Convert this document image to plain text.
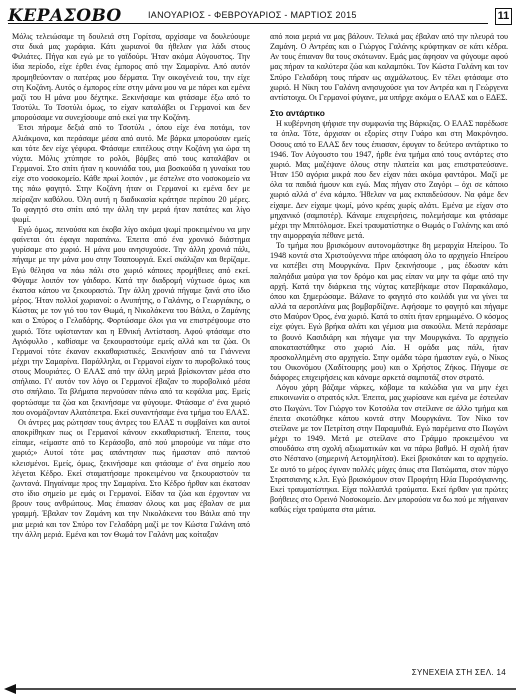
ΚΕΡΑΣΟΒΟ	ΙΑΝΟΥΑΡΙΟΣ - ΦΕΒΡΟΥΑΡΙΟΣ - ΜΑΡΤΙΟΣ 2015	11

Μόλις τελειώσαμε τη δουλειά στη Γορίτσα, αρχίσαμε να δουλεύουμε στα δικά μας χωράφια. Κάτι χωριανοί θα ήθελαν για λάδι στους Φιλιάτες. Πήγα και εγώ με το γαϊδούρι. Ήταν ακόμα Αύγουστος. Την ίδια περίοδο, είχε έρθει ένας έμπορος από την Σαμαρίνα. Από αυτόν προμηθεύονταν ο πατέρας μου δέρματα. Την οικογένειά του, την είχε στη Κοζάνη. Αυτός ο έμπορος είπε στην μάνα μου να με πάρει και εμένα μαζί του Η μάνα μου δέχτηκε. Ξεκινήσαμε και φτάσαμε έξω από το Τσοτύλι. Το Τσοτύλι όμως, το είχαν καταλάβει οι Γερμανοί και δεν μπορούσαμε να συνεχίσουμε από εκεί για την Κοζάνη.

Έτσι πήραμε δεξιά από το Τσοτύλι , όπου είχε ένα ποτάμι, τον Αλιάκμονα, και περάσαμε μέσα από αυτό. Με βάρκα μπορούσαν εμείς και τότε δεν είχε γέφυρα. Φτάσαμε επιτέλους στην Κοζάνη για ώρα τη νύχτα. Μόλις χτύπησε το ρολόι, βόμβες από τους καταλάβαν οι Γερμανοί. Στο σπίτι ήταν η κουνιάδα του, μια βοσκούδα η γυναίκα του είχε στο νοσοκομείο. Κάθε πρωί λοιπόν , με έστελνε στο νοσοκομείο να της πάω φαγητό. Στην Κοζάνη ήταν οι Γερμανοί κι εμένα δεν με πείραζαν καθόλου. Όλη αυτή η διαδικασία κράτησε περίπου 20 μέρες. Το φαγητό στο σπίτι από την άλλη την μεριά ήταν πατάτες και λίγο ψωμί.

Εγώ όμως, πεινούσα και έκοβα λίγο ακόμα ψωμί προκειμένου να μην φαίνεται ότι έφαγα παραπάνω. Έπειτα από ένα χρονικό διάστημα γυρίσαμε στο χωριό. Η μάνα μου ανησυχούσε. Την άλλη χρονιά πάλι, πήγαμε με την μάνα μου στην Τσαπουργιά. Εκεί σκάλιζαν και θερίζαμε. Εγώ θέλησα να πάω πάλι στο χωριό κάποιες προμήθειες από εκεί. Φύγαμε λοιπόν τον γάιδαρο. Κατά την διαδρομή νύχτωσε όμως και έκατσα κάπου να ξεκουραστώ. Την άλλη χρονιά πήγαμε ξανά στο ίδιο μέρος. Ήταν πολλοί χωριανοί: ο Ανυπήτης, ο Γαλάνης, ο Γεωργιάκης, ο Κώστας με τον γιό του τον Θωμά, η Νικολάκενα του Βάιλα, ο Ζαμάνης και ο Σπύρος ο Γελαδάρης. Φορτώσαμε όλοι για να επιστρέψουμε στο χωριό. Τότε υφίστανταν και η Εθνική Αντίσταση. Αφού φτάσαμε στο Αγιόφυλλο , καθίσαμε να ξεκουραστούμε εμείς αλλά και τα ζώα. Οι Γερμανοί τότε έκαναν εκκαθαριστικές. Ξεκινήσαν από τα Γιάννενα μέχρι την Σαμαρίνα. Παράλληλα, οι Γερμανοί είχαν το πυροβολικό τους στους Μουριάτες. Ο ΕΛΑΣ από την άλλη μεριά βρίσκονταν μέσα στο σπήλαιο. Γι' αυτόν τον λόγο οι Γερμανοί έβαζαν το πυροβολικό μέσα στο σπήλαιο. Τα βλήματα περνούσαν πάνω από τα κεφάλια μας. Εμείς φορτώσαμε τα ζώα και ξεκινήσαμε να φύγουμε. Φτάσαμε σ' ένα χωριό που ονομάζονταν Αλατόπετρα. Εκεί συναντήσαμε ένα τμήμα του ΕΛΑΣ.

Οι άντρες μας ρώτησαν τους άντρες του ΕΛΑΣ τι συμβαίνει και αυτοί αποκρίθηκαν πως οι Γερμανοί κάνουν εκκαθαριστική. Έπειτα, τους είπαμε, «είμαστε από το Κεράσοβο, από πού μπορούμε να πάμε στο χωριό;» Αυτοί τότε μας απάντησαν πως ήμασταν από παντού κλεισμένοι. Εμείς, όμως, ξεκινήσαμε και φτάσαμε σ' ένα σημείο που λέγεται Κέδρο. Εκεί σταματήσαμε προκειμένου να ξεκουραστούν τα ζωντανά. Πηγαίναμε προς την Σαμαρίνα. Στο Κέδρο ήρθαν και έκατσαν στο ίδιο σημείο με εμάς οι Γερμανοί. Είδαν τα ζώα και έρχονταν να βρουν τους ανθρώπους. Μας έπιασαν όλους και μας έβαλαν σε μια γραμμή. Έβαλαν τον Ζαμάνη και την Νικολάκενα του Βάιλα από την μια μεριά και τον Σπύρο τον Γελαδάρη μαζί με τον Κώστα Γαλάνη από την άλλη μεριά. Εμένα και τον Θωμά τον Γαλάνη μας κοίταξαν

από ποια μεριά να μας βάλουν. Τελικά μας έβαλαν από την πλευρά του Ζαμάνη. Ο Αντρέας και ο Γιώργος Γαλάνης κρύφτηκαν σε κάτι κέδρα. Αν τους έπιαναν θα τους σκότωναν. Εμάς μας άφησαν να φύγουμε αφού μας πήραν τα καλύτερα ζώα και καλαμπόκι. Τον Κώστα Γαλάνη και τον Σπύρο Γελαδάρη τους πήραν ως αιχμάλωτους. Εν τέλει φτάσαμε στο χωριό. Η Νίκη του Γαλάνη ανησυχούσε για τον Αντρέα και η Γεώργενα αντίστοιχα. Οι Γερμανοί φύγανε, μα υπήρχε ακόμα ο ΕΛΑΣ και ο ΕΔΕΣ.

Στο αντάρτικο

Η κυβέρνηση ψήφισε την συμφωνία της Βάρκιζας. Ο ΕΛΑΣ παρέδωσε τα όπλα. Τότε, άρχισαν οι εξορίες στην Γυάρο και στη Μακρόνησο. Όσους από το ΕΛΑΣ δεν τους έπιασαν, έφυγαν το δεύτερο αντάρτικο το 1946. Τον Αύγουστο του 1947, ήρθε ένα τμήμα από τους αντάρτες στο χωριό. Μας μαζέψανε όλους στην πλατεία και μας επιστρατεύσανε. Ήταν 150 αγόρια μικρά που δεν είχαν πάει ακόμα φαντάροι. Μαζί με όλα τα παιδιά ήμουν και εγώ. Μας πήγαν στο Ζαγόρι – όχι σε κάποιο χωριό αλλά σ' ένα κάμπο. Ήθελαν να μας εκπαιδεύσουν. Να φάμε δεν είχαμε. Δεν είχαμε ψωμί, μόνο κρέας χωρίς αλάτι. Εμένα με είχαν στο μηχανικό (σαμποτέρ). Κάναμε επιχειρήσεις, πολεμήσαμε και φτάσαμε μέχρι την Μπιτόλομσε. Εκεί τραυματίστηκε ο Θωμάς ο Γαλάνης και από την αιμορραγία πέθανε μετά.

Το τμήμα που βρισκόμουν αυτονομάστηκε 8η μεραρχία Ηπείρου. Το 1948 κοντά στα Χριστούγεννα πήρε απόφαση όλο το αρχηγείο Ηπείρου να κατέβει στη Μουργκάνα. Πριν ξεκινήσουμε , μας έδωσαν κάτι παληάδια μαύρα για τον δρόμο και μας είπαν να μην τα φάμε από την αρχή. Κατά την διάρκεια της νύχτας κατεβήκαμε στον Παρακάλαμο, όπου και ξημερώσαμε. Βάλανε το φαγητό στο κοιλάδι για να γίνει τα αλλά τα αεροπλάνα μας βομβαρδίζανε. Αφήσαμε το φαγητό και πήγαμε στο Μαύρον Όρος, ένα χωριό. Κατά το σπίτι ήταν ερημωμένο. Ο κόσμος είχε φύγει. Εγώ βρήκα αλάτι και γέμισα μια σακούλα. Μετά περάσαμε το βουνό Κασιδιάρη και πήγαμε για την Μουργκάνα. Το αρχηγείο αποκαταστάθηκε στο χωριό Λία. Η ομάδα μας πάλι, ήταν προσκολλημένη στο αρχηγείο. Στην ομάδα τώρα ήμασταν εγώ, ο Νίκος του Οικονόμου (Χαδίτσαρης μου) και ο Χρήστος Ζήκος. Πήγαμε σε διάφορες επιχειρήσεις και κάναμε αρκετά σαμποτάζ στον στρατό.

Λόγου χάρη βάζαμε νάρκες, κόβαμε τα καλώδια για να μην έχει επικοινωνία ο στρατός κλπ. Έπειτα, μας χωρίσανε και εμένα με έστειλαν στο Πωγώνι. Τον Γιώργο τον Κοτσόλα τον στείλανε σε άλλο τμήμα και έπειτα σκοτώθηκε κάπου κοντά στην Μουργκάνα. Τον Νίκο τον στείλανε με τον Πετρίτση στην Παραμυθιά. Εγώ παρέμεινα στο Πωγώνι μέχρι το 1949. Μετά με στείλανε στο Γράμμο προκειμένου να σπουδάσω στη σχολή αξιωματικών και να πάρω βαθμό. Η σχολή ήταν στο Νέστανο (σημερινή Αετομηλίτσα). Εκεί βρισκόταν και το αρχηγείο. Σε αυτό το μέρος έγιναν πολλές μάχες όπως στα Πατώματα, στον πύργο Στρατσιανης κ.λπ. Εγώ βρισκόμουν στον Προφήτη Ηλία Πυρσόγιαννης. Εκεί τραυματίστηκα. Είχα πολλαπλά τραύματα. Εκεί ήρθαν για πρώτες βοήθειες στο Ορεινό Νοσοκομείο. Δεν μπορούσα να δω πού με πήγαιναν καθώς είχα τραύματα στα μάτια.

ΣΥΝΕΧΕΙΑ ΣΤΗ ΣΕΛ. 14
